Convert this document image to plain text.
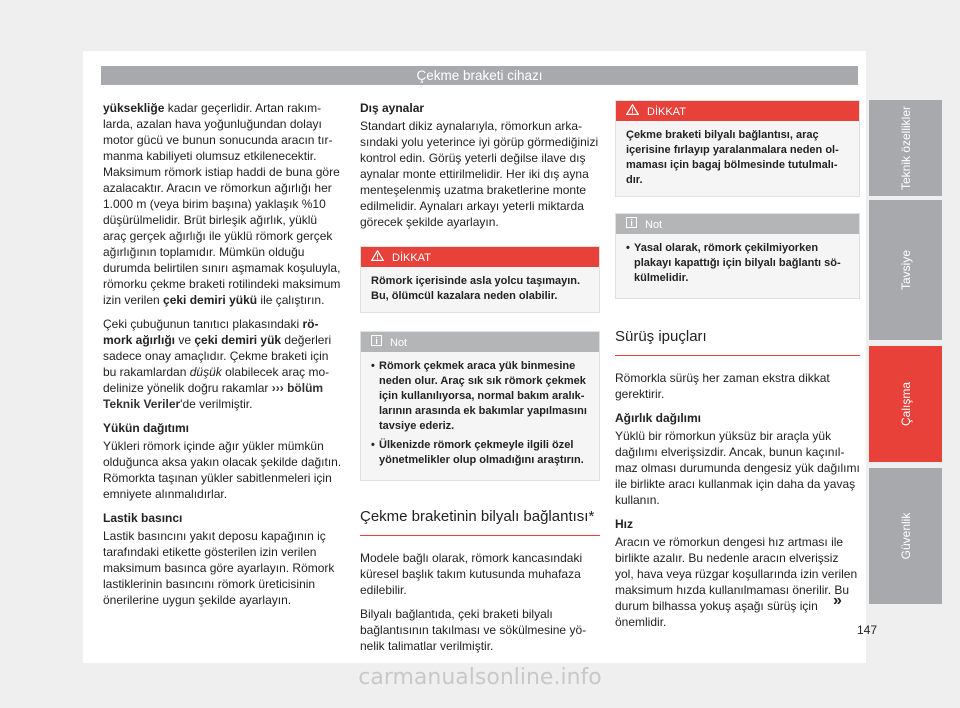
Çekme braketi cihazı

yüksekliğe kadar geçerlidir. Artan rakımlarda, azalan hava yoğunluğundan dolayı motor gücü ve bunun sonucunda aracın tırmanma kabiliyeti olumsuz etkilenecektir. Maksimum römork istiap haddi de buna göre azalacaktır. Aracın ve römorkun ağırlığı her 1.000 m (veya birim başına) yaklaşık %10 düşürülmelidir. Brüt birleşik ağırlık, yüklü araç gerçek ağırlığı ile yüklü römork gerçek ağırlığının toplamıdır. Mümkün olduğu durumda belirtilen sınırı aşmamak koşuluyla, römorku çekme braketi rotilindeki maksimum izin verilen çeki demiri yükü ile çalıştırın.

Çeki çubuğunun tanıtıcı plakasındaki römork ağırlığı ve çeki demiri yük değerleri sadece onay amaçlıdır. Çekme braketi için bu rakamlardan düşük olabilecek araç modelinize yönelik doğru rakamlar ››› bölüm Teknik Veriler'de verilmiştir.

Yükün dağıtımı

Yükleri römork içinde ağır yükler mümkün olduğunca aksa yakın olacak şekilde dağıtın. Römorkta taşınan yükler sabitlenmeleri için emniyete alınmalıdırlar.

Lastik basıncı

Lastik basıncını yakıt deposu kapağının iç tarafındaki etikette gösterilen izin verilen maksimum basınca göre ayarlayın. Römork lastiklerinin basıncını römork üreticisinin önerilerine uygun şekilde ayarlayın.

Dış aynalar

Standart dikiz aynalarıyla, römorkun arkasındaki yolu yeterince iyi görüp görmediğinizi kontrol edin. Görüş yeterli değilse ilave dış aynalar monte ettirilmelidir. Her iki dış ayna menteşelenmiş uzatma braketlerine monte edilmelidir. Aynaları arkayı yeterli miktarda görecek şekilde ayarlayın.

DİKKAT
Römork içerisinde asla yolcu taşımayın. Bu, ölümcül kazalara neden olabilir.
Not
• Römork çekmek araca yük binmesine neden olur. Araç sık sık römork çekmek için kullanılıyorsa, normal bakım aralıklarının arasında ek bakımlar yapılmasını tavsiye ederiz.
• Ülkenizde römork çekmeyle ilgili özel yönetmelikler olup olmadığını araştırın.
Çekme braketinin bilyalı bağlantısı*

Modele bağlı olarak, römork kancasındaki küresel başlık takım kutusunda muhafaza edilebilir.

Bilyalı bağlantıda, çeki braketi bilyalı bağlantısının takılması ve sökülmesine yönelik talimatlar verilmiştir.

DİKKAT
Çekme braketi bilyalı bağlantısı, araç içerisine fırlayıp yaralanmalara neden olmaması için bagaj bölmesinde tutulmalıdır.
Not
• Yasal olarak, römork çekilmiyorken plakayı kapattığı için bilyalı bağlantı sökülmelidir.
Sürüş ipuçları

Römorkla sürüş her zaman ekstra dikkat gerektirir.

Ağırlık dağılımı

Yüklü bir römorkun yüksüz bir araçla yük dağılımı elverişsizdir. Ancak, bunun kaçınılmaz olması durumunda dengesiz yük dağılımı ile birlikte aracı kullanmak için daha da yavaş kullanın.

Hız

Aracın ve römorkun dengesi hız artması ile birlikte azalır. Bu nedenle aracın elverişsiz yol, hava veya rüzgar koşullarında izin verilen maksimum hızda kullanılmaması önerilir. Bu durum bilhassa yokuş aşağı sürüş için önemlidir.

Teknik özellikler
Tavsiye
Çalışma
Güvenlik
»
147
carmanualsonline.info
